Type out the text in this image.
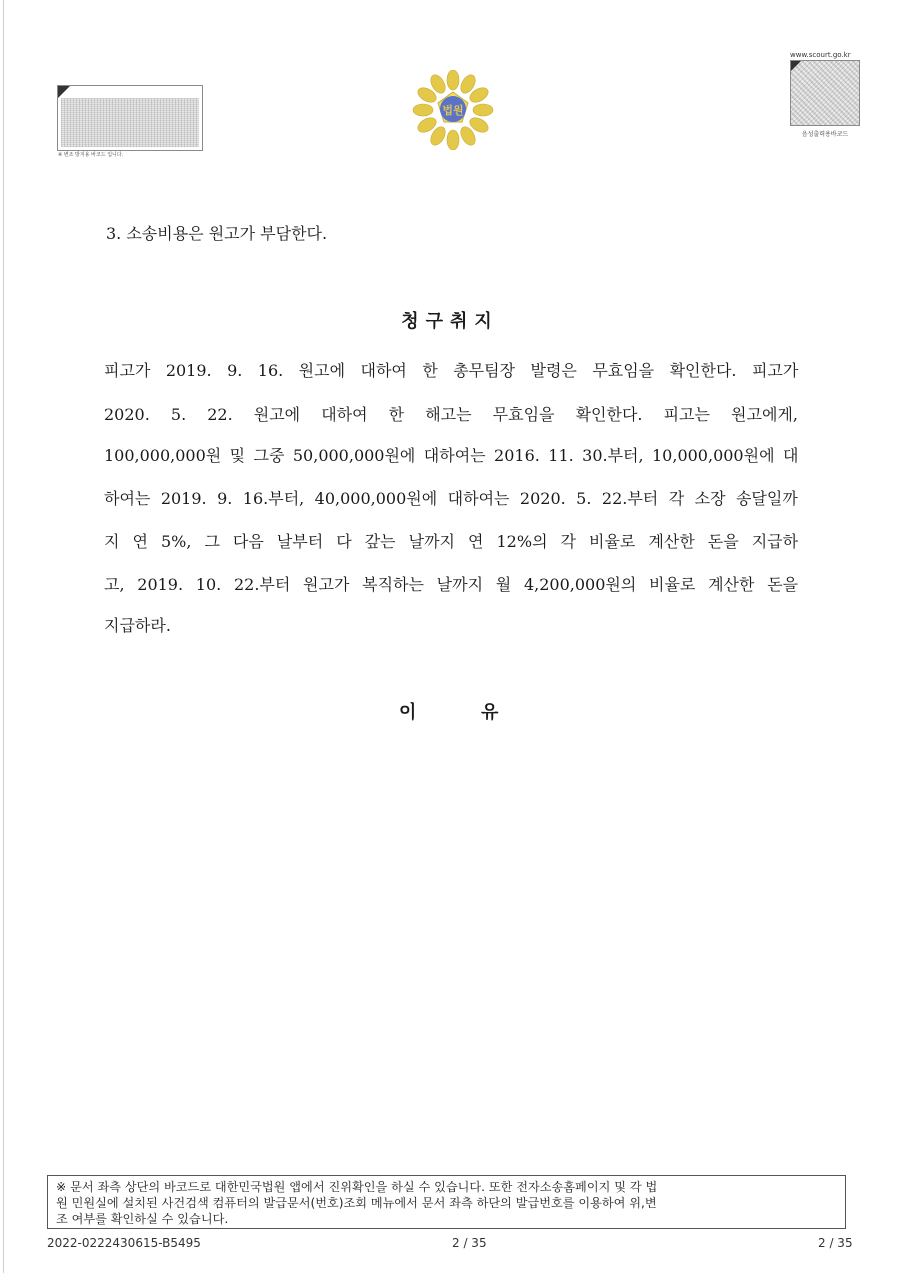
※ 변조 방지용 바코드 입니다.
법원
www.scourt.go.kr
음성출력용바코드
3. 소송비용은 원고가 부담한다.
청구취지
피고가 2019. 9. 16. 원고에 대하여 한 총무팀장 발령은 무효임을 확인한다. 피고가
2020. 5. 22. 원고에 대하여 한 해고는 무효임을 확인한다. 피고는 원고에게,
100,000,000원 및 그중 50,000,000원에 대하여는 2016. 11. 30.부터, 10,000,000원에 대
하여는 2019. 9. 16.부터, 40,000,000원에 대하여는 2020. 5. 22.부터 각 소장 송달일까
지 연 5%, 그 다음 날부터 다 갚는 날까지 연 12%의 각 비율로 계산한 돈을 지급하
고, 2019. 10. 22.부터 원고가 복직하는 날까지 월 4,200,000원의 비율로 계산한 돈을
지급하라.
이	유
※ 문서 좌측 상단의 바코드로 대한민국법원 앱에서 진위확인을 하실 수 있습니다. 또한 전자소송홈페이지 및 각 법
원 민원실에 설치된 사건검색 컴퓨터의 발급문서(번호)조회 메뉴에서 문서 좌측 하단의 발급번호를 이용하여 위,변
조 여부를 확인하실 수 있습니다.
2022-0222430615-B5495	2 / 35	2 / 35
